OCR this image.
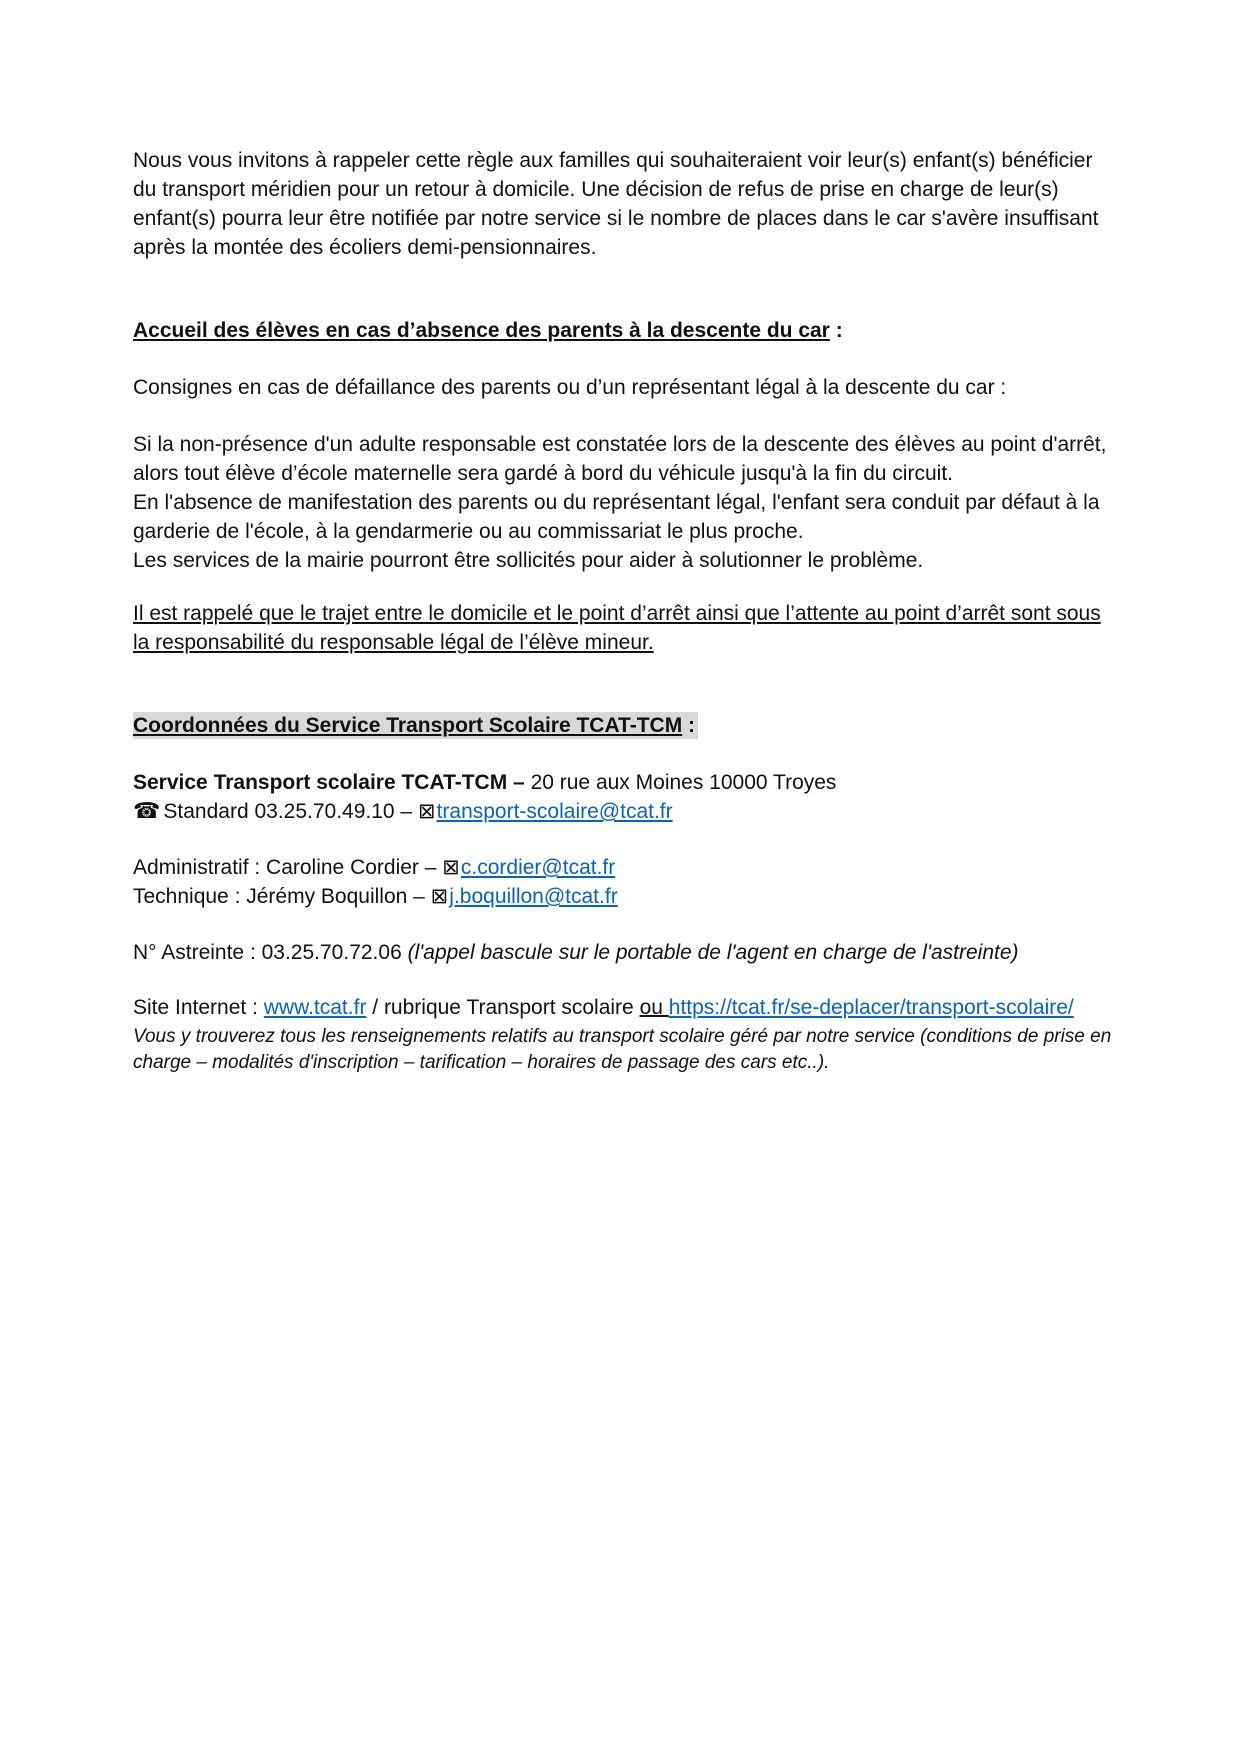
Nous vous invitons à rappeler cette règle aux familles qui souhaiteraient voir leur(s) enfant(s) bénéficier du transport méridien pour un retour à domicile. Une décision de refus de prise en charge de leur(s) enfant(s) pourra leur être notifiée par notre service si le nombre de places dans le car s'avère insuffisant après la montée des écoliers demi-pensionnaires.

Accueil des élèves en cas d’absence des parents à la descente du car :

Consignes en cas de défaillance des parents ou d’un représentant légal à la descente du car :

Si la non-présence d'un adulte responsable est constatée lors de la descente des élèves au point d'arrêt, alors tout élève d’école maternelle sera gardé à bord du véhicule jusqu'à la fin du circuit.
En l'absence de manifestation des parents ou du représentant légal, l'enfant sera conduit par défaut à la garderie de l'école, à la gendarmerie ou au commissariat le plus proche.
Les services de la mairie pourront être sollicités pour aider à solutionner le problème.

Il est rappelé que le trajet entre le domicile et le point d’arrêt ainsi que l’attente au point d’arrêt sont sous la responsabilité du responsable légal de l’élève mineur.

Coordonnées du Service Transport Scolaire TCAT-TCM :

Service Transport scolaire TCAT-TCM – 20 rue aux Moines 10000 Troyes
☎ Standard 03.25.70.49.10 – ⊠transport-scolaire@tcat.fr
Administratif : Caroline Cordier – ⊠c.cordier@tcat.fr
Technique : Jérémy Boquillon – ⊠j.boquillon@tcat.fr

N° Astreinte : 03.25.70.72.06 (l'appel bascule sur le portable de l'agent en charge de l'astreinte)

Site Internet : www.tcat.fr / rubrique Transport scolaire ou https://tcat.fr/se-deplacer/transport-scolaire/

Vous y trouverez tous les renseignements relatifs au transport scolaire géré par notre service (conditions de prise en charge – modalités d'inscription – tarification – horaires de passage des cars etc..).
